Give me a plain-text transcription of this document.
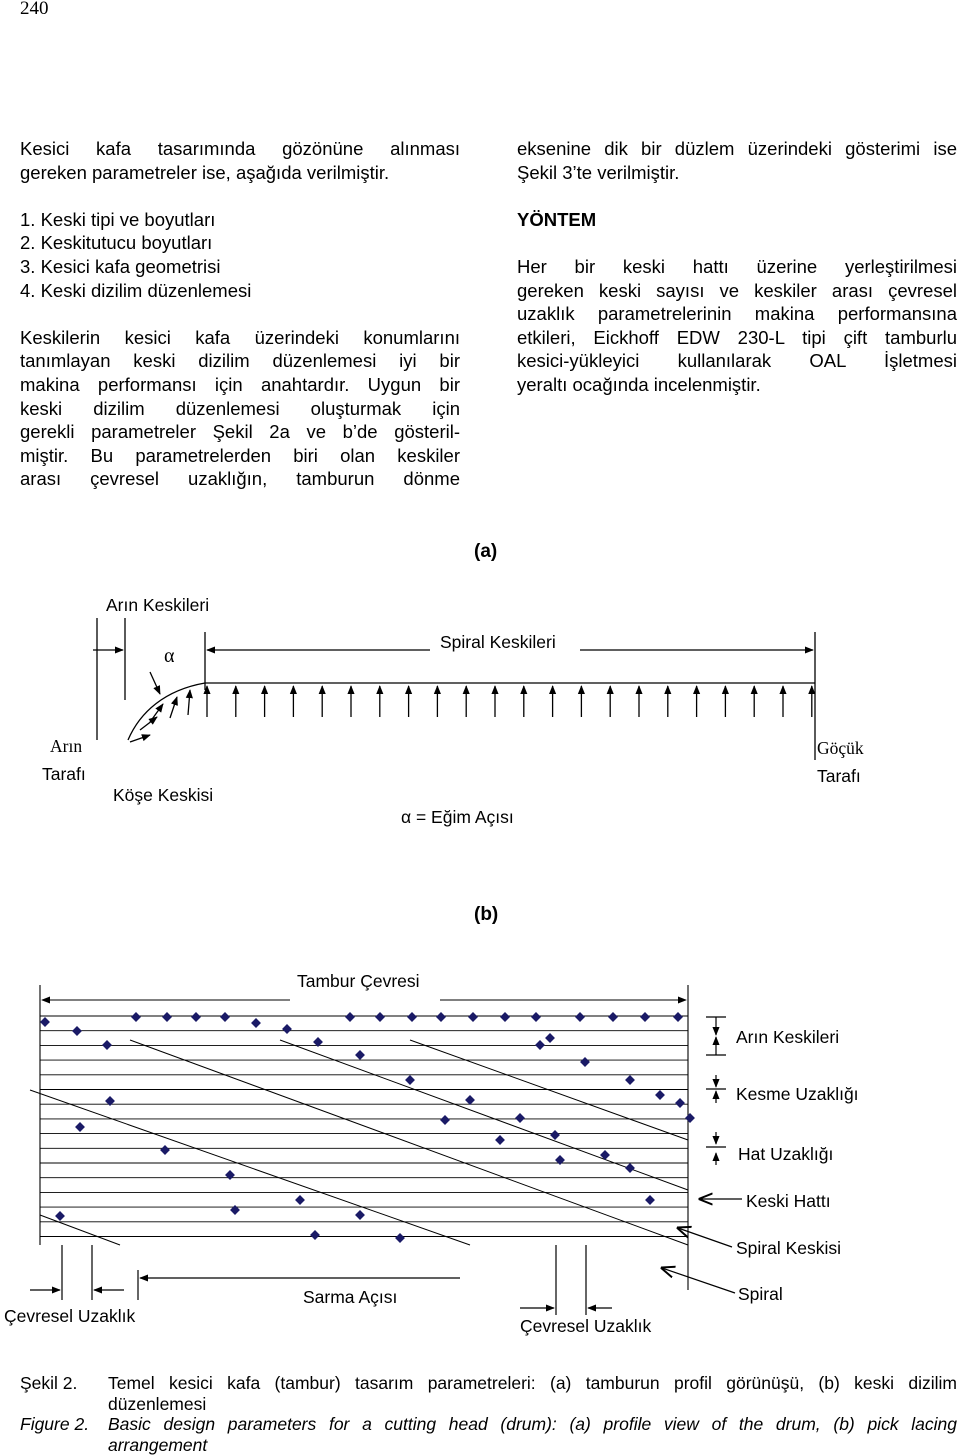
240

Kesici kafa tasarımında gözönüne alınması

gereken parametreler ise, aşağıda verilmiştir.

1. Keski tipi ve boyutları

2. Keskitutucu boyutları

3. Kesici kafa geometrisi

4. Keski dizilim düzenlemesi

Keskilerin kesici kafa üzerindeki konumlarını

tanımlayan keski dizilim düzenlemesi iyi bir

makina performansı için anahtardır. Uygun bir

keski dizilim düzenlemesi oluşturmak için

gerekli parametreler Şekil 2a ve b’de gösteril-

miştir. Bu parametrelerden biri olan keskiler

arası çevresel uzaklığın, tamburun dönme

eksenine dik bir düzlem üzerindeki gösterimi ise

Şekil 3’te verilmiştir.

YÖNTEM

Her bir keski hattı üzerine yerleştirilmesi

gereken keski sayısı ve keskiler arası çevresel

uzaklık parametrelerinin makina performansına

etkileri, Eickhoff EDW 230-L tipi çift tamburlu

kesici-yükleyici kullanılarak OAL İşletmesi

yeraltı ocağında incelenmiştir.

(a)
Arın Keskileri
α
Spiral Keskileri
Arın
Tarafı
Köşe Keskisi
α = Eğim Açısı
Göçük
Tarafı
(b)
Tambur Çevresi
Arın Keskileri
Kesme Uzaklığı
Hat Uzaklığı
Keski Hattı
Spiral Keskisi
Spiral
Sarma Açısı
Çevresel Uzaklık	Çevresel Uzaklık
Şekil 2.	Temel kesici kafa (tambur) tasarım parametreleri: (a) tamburun profil görünüşü, (b) keski dizilim
düzenlemesi
Figure 2.	Basic design parameters for a cutting head (drum): (a) profile view of the drum, (b) pick lacing
arrangement
